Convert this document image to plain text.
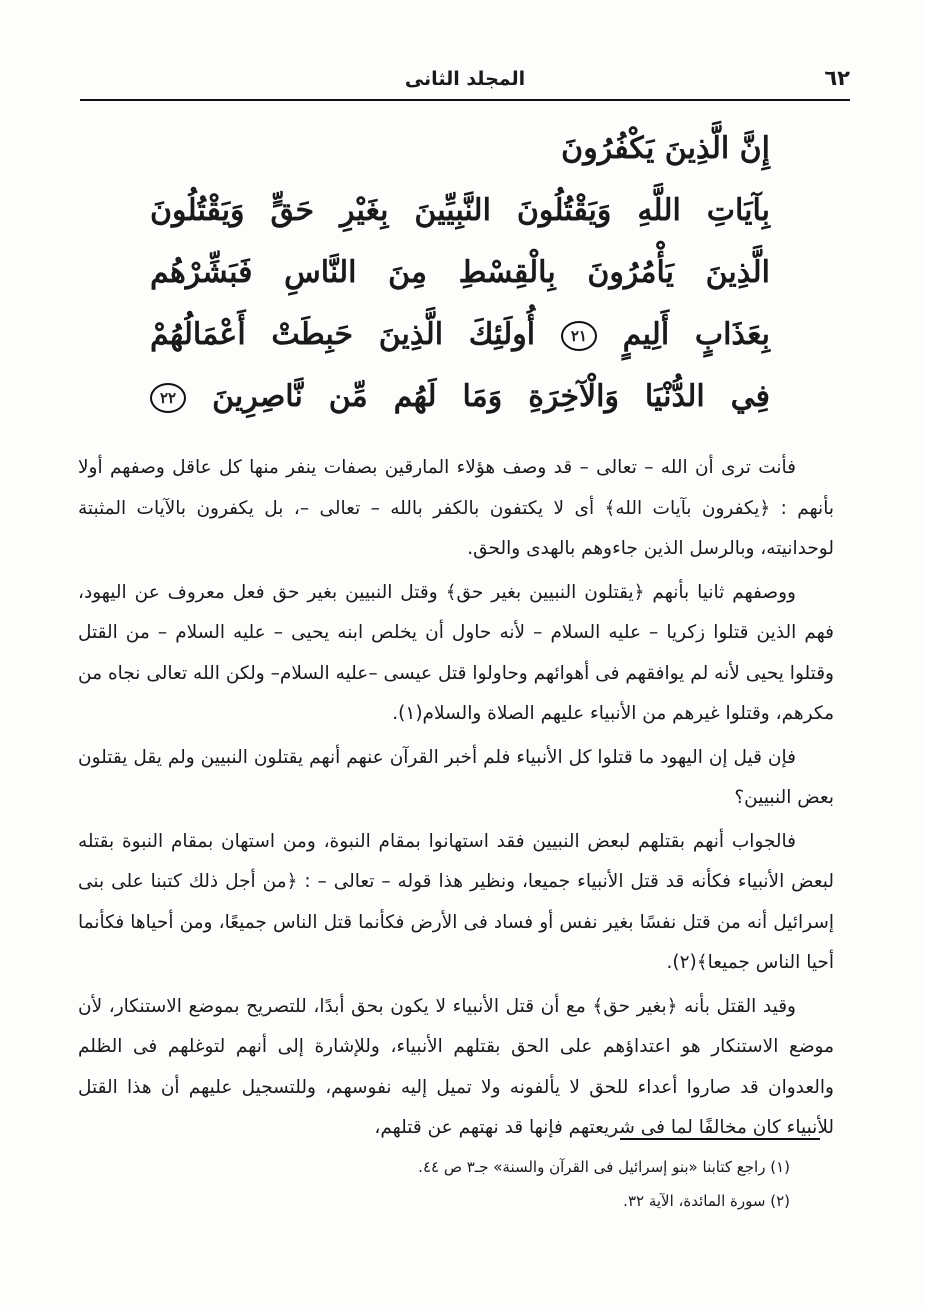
٦٢
المجلد الثانى
إِنَّ الَّذِينَ يَكْفُرُونَ
بِآيَاتِ اللَّهِ وَيَقْتُلُونَ النَّبِيِّينَ بِغَيْرِ حَقٍّ وَيَقْتُلُونَ
الَّذِينَ يَأْمُرُونَ بِالْقِسْطِ مِنَ النَّاسِ فَبَشِّرْهُم
بِعَذَابٍ أَلِيمٍ ٢١ أُولَئِكَ الَّذِينَ حَبِطَتْ أَعْمَالُهُمْ
فِي الدُّنْيَا وَالْآخِرَةِ وَمَا لَهُم مِّن نَّاصِرِينَ ٢٢

فأنت ترى أن الله – تعالى – قد وصف هؤلاء المارقين بصفات ينفر منها كل عاقل وصفهم أولا بأنهم : ﴿يكفرون بآيات الله﴾ أى لا يكتفون بالكفر بالله – تعالى –، بل يكفرون بالآيات المثبتة لوحدانيته، وبالرسل الذين جاءوهم بالهدى والحق.

ووصفهم ثانيا بأنهم ﴿يقتلون النبيين بغير حق﴾ وقتل النبيين بغير حق فعل معروف عن اليهود، فهم الذين قتلوا زكريا – عليه السلام – لأنه حاول أن يخلص ابنه يحيى – عليه السلام – من القتل وقتلوا يحيى لأنه لم يوافقهم فى أهوائهم وحاولوا قتل عيسى –عليه السلام– ولكن الله تعالى نجاه من مكرهم، وقتلوا غيرهم من الأنبياء عليهم الصلاة والسلام(١).

فإن قيل إن اليهود ما قتلوا كل الأنبياء فلم أخبر القرآن عنهم أنهم يقتلون النبيين ولم يقل يقتلون بعض النبيين؟

فالجواب أنهم بقتلهم لبعض النبيين فقد استهانوا بمقام النبوة، ومن استهان بمقام النبوة بقتله لبعض الأنبياء فكأنه قد قتل الأنبياء جميعا، ونظير هذا قوله – تعالى – : ﴿من أجل ذلك كتبنا على بنى إسرائيل أنه من قتل نفسًا بغير نفس أو فساد فى الأرض فكأنما قتل الناس جميعًا، ومن أحياها فكأنما أحيا الناس جميعا﴾(٢).

وقيد القتل بأنه ﴿بغير حق﴾ مع أن قتل الأنبياء لا يكون بحق أبدًا، للتصريح بموضع الاستنكار، لأن موضع الاستنكار هو اعتداؤهم على الحق بقتلهم الأنبياء، وللإشارة إلى أنهم لتوغلهم فى الظلم والعدوان قد صاروا أعداء للحق لا يألفونه ولا تميل إليه نفوسهم، وللتسجيل عليهم أن هذا القتل للأنبياء كان مخالفًا لما فى شريعتهم فإنها قد نهتهم عن قتلهم،

(١) راجع كتابنا «بنو إسرائيل فى القرآن والسنة» جـ٣ ص ٤٤.

(٢) سورة المائدة، الآية ٣٢.
